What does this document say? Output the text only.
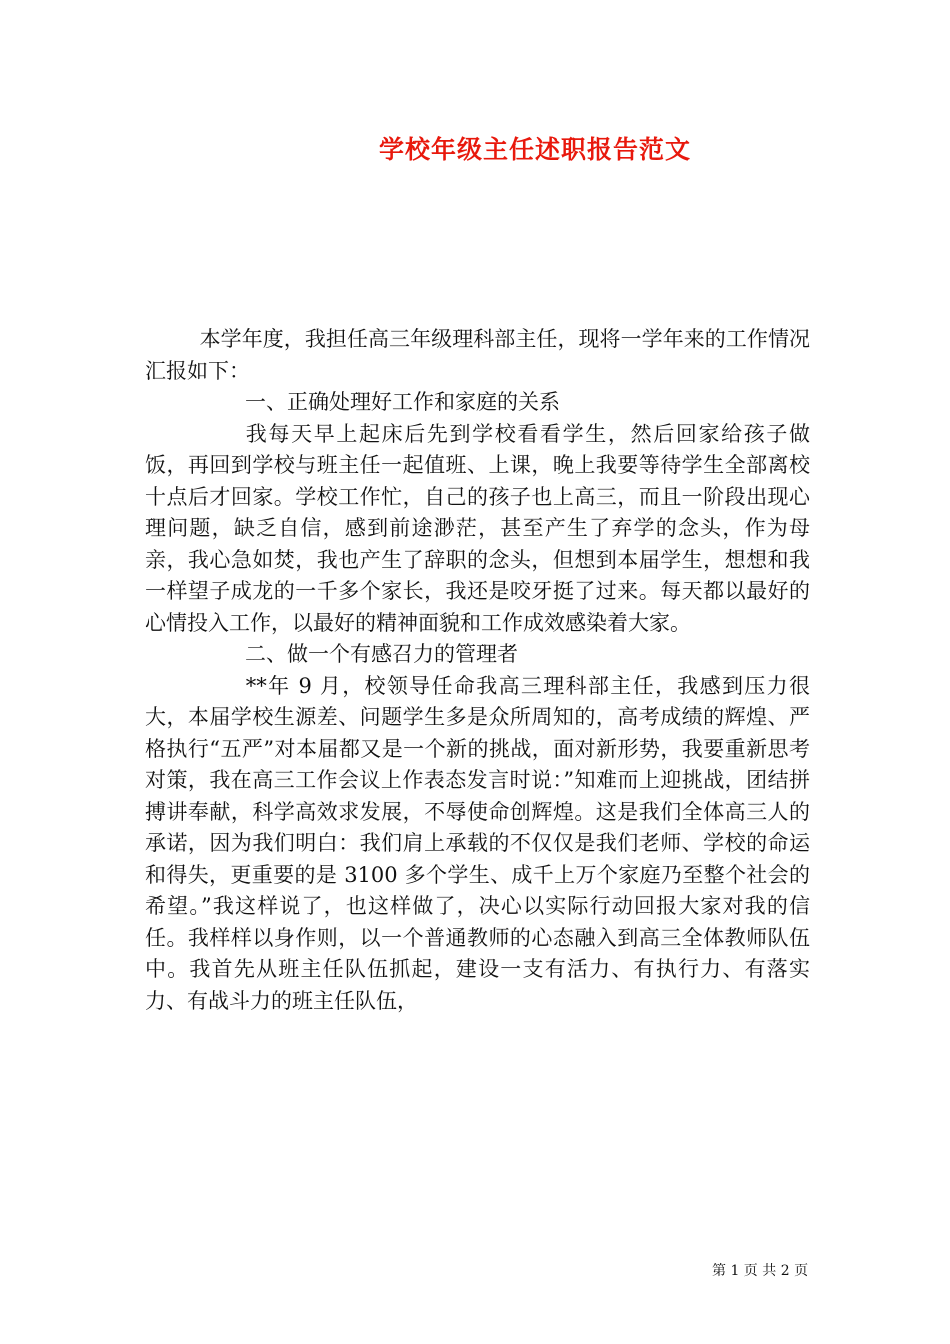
学校年级主任述职报告范文

本学年度，我担任高三年级理科部主任，现将一学年来的工作情况汇报如下：

一、正确处理好工作和家庭的关系

我每天早上起床后先到学校看看学生，然后回家给孩子做饭，再回到学校与班主任一起值班、上课，晚上我要等待学生全部离校十点后才回家。学校工作忙，自己的孩子也上高三，而且一阶段出现心理问题，缺乏自信，感到前途渺茫，甚至产生了弃学的念头，作为母亲，我心急如焚，我也产生了辞职的念头，但想到本届学生，想想和我一样望子成龙的一千多个家长，我还是咬牙挺了过来。每天都以最好的心情投入工作，以最好的精神面貌和工作成效感染着大家。

二、做一个有感召力的管理者

**年 9 月，校领导任命我高三理科部主任，我感到压力很大，本届学校生源差、问题学生多是众所周知的，高考成绩的辉煌、严格执行“五严”对本届都又是一个新的挑战，面对新形势，我要重新思考对策，我在高三工作会议上作表态发言时说：”知难而上迎挑战，团结拼搏讲奉献，科学高效求发展，不辱使命创辉煌。这是我们全体高三人的承诺，因为我们明白：我们肩上承载的不仅仅是我们老师、学校的命运和得失，更重要的是 3100 多个学生、成千上万个家庭乃至整个社会的希望。”我这样说了，也这样做了，决心以实际行动回报大家对我的信任。我样样以身作则，以一个普通教师的心态融入到高三全体教师队伍中。我首先从班主任队伍抓起，建设一支有活力、有执行力、有落实力、有战斗力的班主任队伍，

第 1 页 共 2 页
